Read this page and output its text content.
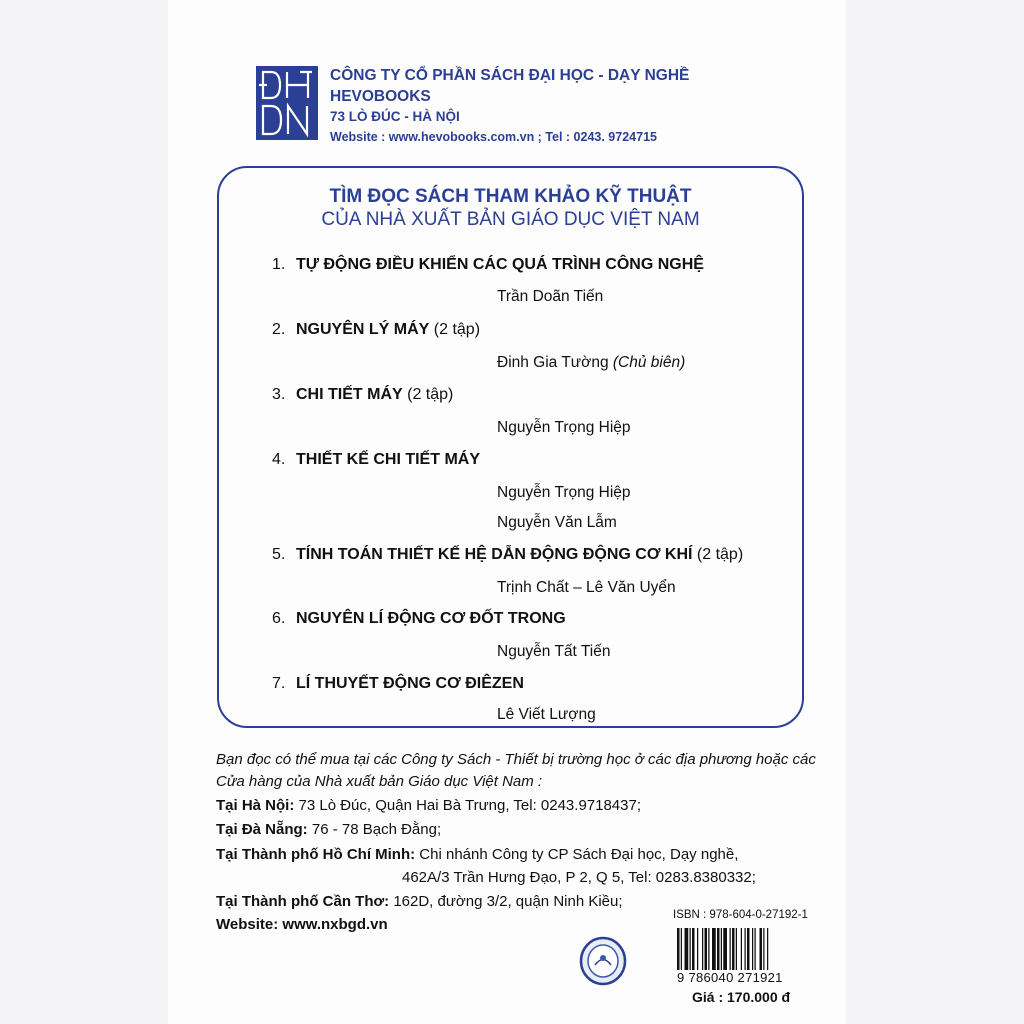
CÔNG TY CỔ PHẦN SÁCH ĐẠI HỌC - DẠY NGHỀ
HEVOBOOKS
73 LÒ ĐÚC - HÀ NỘI
Website : www.hevobooks.com.vn ; Tel : 0243. 9724715
TÌM ĐỌC SÁCH THAM KHẢO KỸ THUẬT
CỦA NHÀ XUẤT BẢN GIÁO DỤC VIỆT NAM
1. TỰ ĐỘNG ĐIỀU KHIỂN CÁC QUÁ TRÌNH CÔNG NGHỆ
Trần Doãn Tiến
2. NGUYÊN LÝ MÁY (2 tập)
Đinh Gia Tường (Chủ biên)
3. CHI TIẾT MÁY (2 tập)
Nguyễn Trọng Hiệp
4. THIẾT KẾ CHI TIẾT MÁY
Nguyễn Trọng Hiệp
Nguyễn Văn Lẫm
5. TÍNH TOÁN THIẾT KẾ HỆ DẪN ĐỘNG ĐỘNG CƠ KHÍ (2 tập)
Trịnh Chất – Lê Văn Uyển
6. NGUYÊN LÍ ĐỘNG CƠ ĐỐT TRONG
Nguyễn Tất Tiến
7. LÍ THUYẾT ĐỘNG CƠ ĐIÊZEN
Lê Viết Lượng
Bạn đọc có thể mua tại các Công ty Sách - Thiết bị trường học ở các địa phương hoặc các
Cửa hàng của Nhà xuất bản Giáo dục Việt Nam :
Tại Hà Nội: 73 Lò Đúc, Quận Hai Bà Trưng, Tel: 0243.9718437;
Tại Đà Nẵng: 76 - 78 Bạch Đằng;
Tại Thành phố Hồ Chí Minh: Chi nhánh Công ty CP Sách Đại học, Dạy nghề,
462A/3 Trần Hưng Đạo, P 2, Q 5, Tel: 0283.8380332;
Tại Thành phố Cần Thơ: 162D, đường 3/2, quận Ninh Kiều;
Website: www.nxbgd.vn
ISBN : 978-604-0-27192-1
9 786040 271921
Giá : 170.000 đ
